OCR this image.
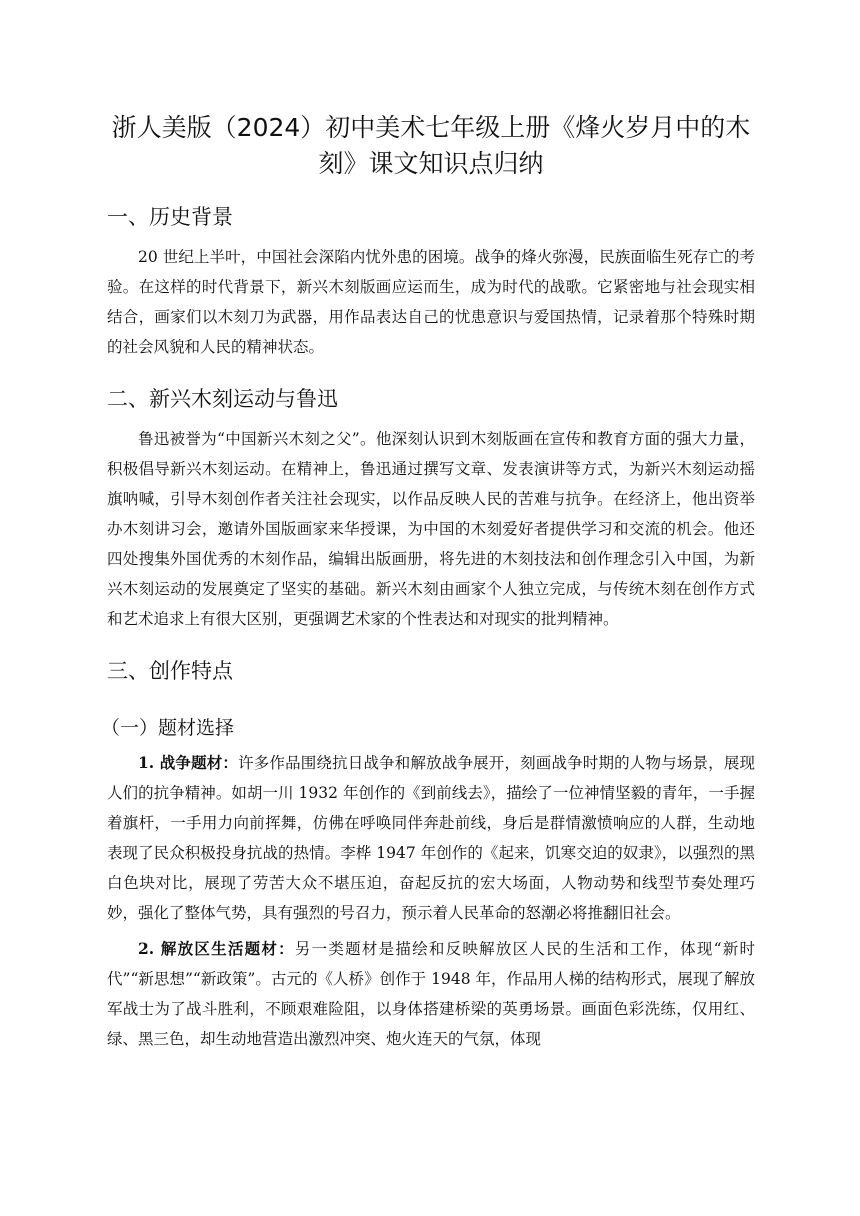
浙人美版（2024）初中美术七年级上册《烽火岁月中的木刻》课文知识点归纳
一、历史背景

20 世纪上半叶，中国社会深陷内忧外患的困境。战争的烽火弥漫，民族面临生死存亡的考验。在这样的时代背景下，新兴木刻版画应运而生，成为时代的战歌。它紧密地与社会现实相结合，画家们以木刻刀为武器，用作品表达自己的忧患意识与爱国热情，记录着那个特殊时期的社会风貌和人民的精神状态。

二、新兴木刻运动与鲁迅

鲁迅被誉为“中国新兴木刻之父”。他深刻认识到木刻版画在宣传和教育方面的强大力量，积极倡导新兴木刻运动。在精神上，鲁迅通过撰写文章、发表演讲等方式，为新兴木刻运动摇旗呐喊，引导木刻创作者关注社会现实，以作品反映人民的苦难与抗争。在经济上，他出资举办木刻讲习会，邀请外国版画家来华授课，为中国的木刻爱好者提供学习和交流的机会。他还四处搜集外国优秀的木刻作品，编辑出版画册，将先进的木刻技法和创作理念引入中国，为新兴木刻运动的发展奠定了坚实的基础。新兴木刻由画家个人独立完成，与传统木刻在创作方式和艺术追求上有很大区别，更强调艺术家的个性表达和对现实的批判精神。

三、创作特点
（一）题材选择

1. 战争题材：许多作品围绕抗日战争和解放战争展开，刻画战争时期的人物与场景，展现人们的抗争精神。如胡一川 1932 年创作的《到前线去》，描绘了一位神情坚毅的青年，一手握着旗杆，一手用力向前挥舞，仿佛在呼唤同伴奔赴前线，身后是群情激愤响应的人群，生动地表现了民众积极投身抗战的热情。李桦 1947 年创作的《起来，饥寒交迫的奴隶》，以强烈的黑白色块对比，展现了劳苦大众不堪压迫，奋起反抗的宏大场面，人物动势和线型节奏处理巧妙，强化了整体气势，具有强烈的号召力，预示着人民革命的怒潮必将推翻旧社会。

2. 解放区生活题材：另一类题材是描绘和反映解放区人民的生活和工作，体现“新时代”“新思想”“新政策”。古元的《人桥》创作于 1948 年，作品用人梯的结构形式，展现了解放军战士为了战斗胜利，不顾艰难险阻，以身体搭建桥梁的英勇场景。画面色彩洗练，仅用红、绿、黑三色，却生动地营造出激烈冲突、炮火连天的气氛，体现
